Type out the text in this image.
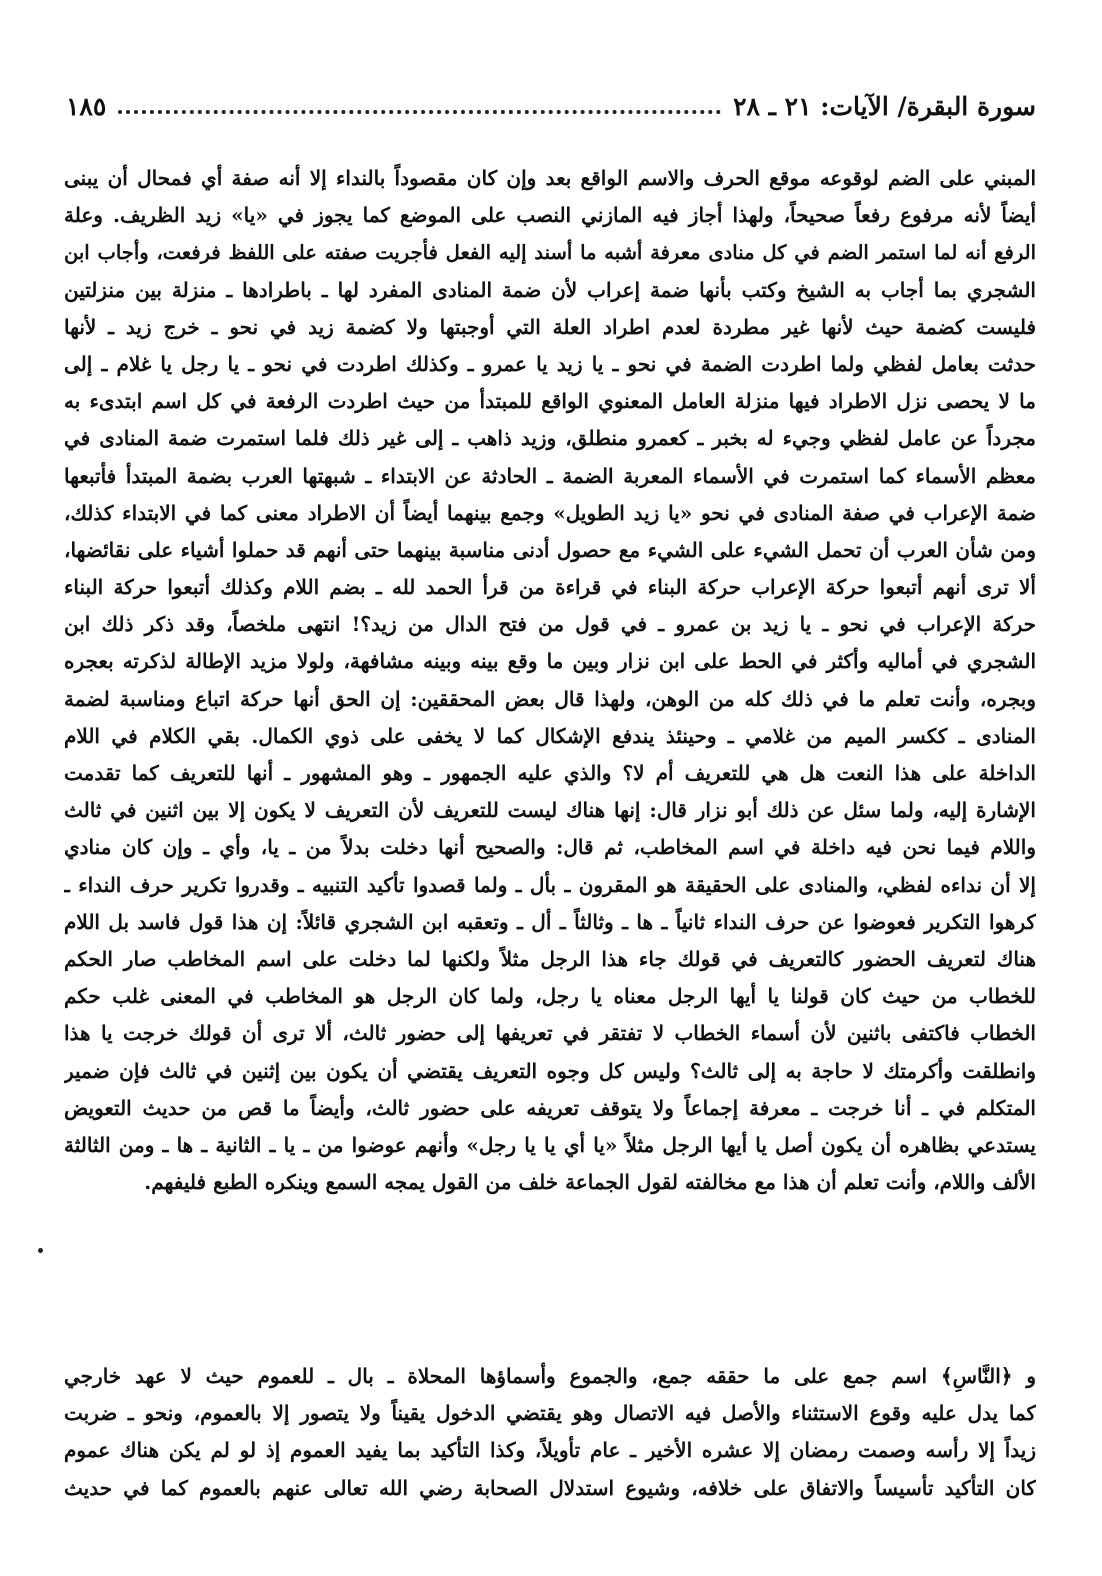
سورة البقرة/ الآيات: ٢١ ـ ٢٨
١٨٥
المبني على الضم لوقوعه موقع الحرف والاسم الواقع بعد وإن كان مقصوداً بالنداء إلا أنه صفة أي فمحال أن يبنى
أيضاً لأنه مرفوع رفعاً صحيحاً، ولهذا أجاز فيه المازني النصب على الموضع كما يجوز في «يا» زيد الظريف. وعلة
الرفع أنه لما استمر الضم في كل منادى معرفة أشبه ما أسند إليه الفعل فأجريت صفته على اللفظ فرفعت، وأجاب ابن
الشجري بما أجاب به الشيخ وكتب بأنها ضمة إعراب لأن ضمة المنادى المفرد لها ـ باطرادها ـ منزلة بين منزلتين
فليست كضمة حيث لأنها غير مطردة لعدم اطراد العلة التي أوجبتها ولا كضمة زيد في نحو ـ خرج زيد ـ لأنها
حدثت بعامل لفظي ولما اطردت الضمة في نحو ـ يا زيد يا عمرو ـ وكذلك اطردت في نحو ـ يا رجل يا غلام ـ إلى
ما لا يحصى نزل الاطراد فيها منزلة العامل المعنوي الواقع للمبتدأ من حيث اطردت الرفعة في كل اسم ابتدىء به
مجرداً عن عامل لفظي وجيء له بخبر ـ كعمرو منطلق، وزيد ذاهب ـ إلى غير ذلك فلما استمرت ضمة المنادى في
معظم الأسماء كما استمرت في الأسماء المعربة الضمة ـ الحادثة عن الابتداء ـ شبهتها العرب بضمة المبتدأ فأتبعها
ضمة الإعراب في صفة المنادى في نحو «يا زيد الطويل» وجمع بينهما أيضاً أن الاطراد معنى كما في الابتداء كذلك،
ومن شأن العرب أن تحمل الشيء على الشيء مع حصول أدنى مناسبة بينهما حتى أنهم قد حملوا أشياء على نقائضها،
ألا ترى أنهم أتبعوا حركة الإعراب حركة البناء في قراءة من قرأ الحمد لله ـ بضم اللام وكذلك أتبعوا حركة البناء
حركة الإعراب في نحو ـ يا زيد بن عمرو ـ في قول من فتح الدال من زيد؟! انتهى ملخصاً، وقد ذكر ذلك ابن
الشجري في أماليه وأكثر في الحط على ابن نزار وبين ما وقع بينه وبينه مشافهة، ولولا مزيد الإطالة لذكرته بعجره
وبجره، وأنت تعلم ما في ذلك كله من الوهن، ولهذا قال بعض المحققين: إن الحق أنها حركة اتباع ومناسبة لضمة
المنادى ـ ككسر الميم من غلامي ـ وحينئذ يندفع الإشكال كما لا يخفى على ذوي الكمال. بقي الكلام في اللام
الداخلة على هذا النعت هل هي للتعريف أم لا؟ والذي عليه الجمهور ـ وهو المشهور ـ أنها للتعريف كما تقدمت
الإشارة إليه، ولما سئل عن ذلك أبو نزار قال: إنها هناك ليست للتعريف لأن التعريف لا يكون إلا بين اثنين في ثالث
واللام فيما نحن فيه داخلة في اسم المخاطب، ثم قال: والصحيح أنها دخلت بدلاً من ـ يا، وأي ـ وإن كان منادي
إلا أن نداءه لفظي، والمنادى على الحقيقة هو المقرون ـ بأل ـ ولما قصدوا تأكيد التنبيه ـ وقدروا تكرير حرف النداء ـ
كرهوا التكرير فعوضوا عن حرف النداء ثانياً ـ ها ـ وثالثاً ـ أل ـ وتعقبه ابن الشجري قائلاً: إن هذا قول فاسد بل اللام
هناك لتعريف الحضور كالتعريف في قولك جاء هذا الرجل مثلاً ولكنها لما دخلت على اسم المخاطب صار الحكم
للخطاب من حيث كان قولنا يا أيها الرجل معناه يا رجل، ولما كان الرجل هو المخاطب في المعنى غلب حكم
الخطاب فاكتفى باثنين لأن أسماء الخطاب لا تفتقر في تعريفها إلى حضور ثالث، ألا ترى أن قولك خرجت يا هذا
وانطلقت وأكرمتك لا حاجة به إلى ثالث؟ وليس كل وجوه التعريف يقتضي أن يكون بين إثنين في ثالث فإن ضمير
المتكلم في ـ أنا خرجت ـ معرفة إجماعاً ولا يتوقف تعريفه على حضور ثالث، وأيضاً ما قص من حديث التعويض
يستدعي بظاهره أن يكون أصل يا أيها الرجل مثلاً «يا أي يا يا رجل» وأنهم عوضوا من ـ يا ـ الثانية ـ ها ـ ومن الثالثة
الألف واللام، وأنت تعلم أن هذا مع مخالفته لقول الجماعة خلف من القول يمجه السمع وينكره الطبع فليفهم.
و ﴿النَّاسِ﴾ اسم جمع على ما حققه جمع، والجموع وأسماؤها المحلاة ـ بال ـ للعموم حيث لا عهد خارجي
كما يدل عليه وقوع الاستثناء والأصل فيه الاتصال وهو يقتضي الدخول يقيناً ولا يتصور إلا بالعموم، ونحو ـ ضربت
زيداً إلا رأسه وصمت رمضان إلا عشره الأخير ـ عام تأويلاً، وكذا التأكيد بما يفيد العموم إذ لو لم يكن هناك عموم
كان التأكيد تأسيساً والاتفاق على خلافه، وشيوع استدلال الصحابة رضي الله تعالى عنهم بالعموم كما في حديث
